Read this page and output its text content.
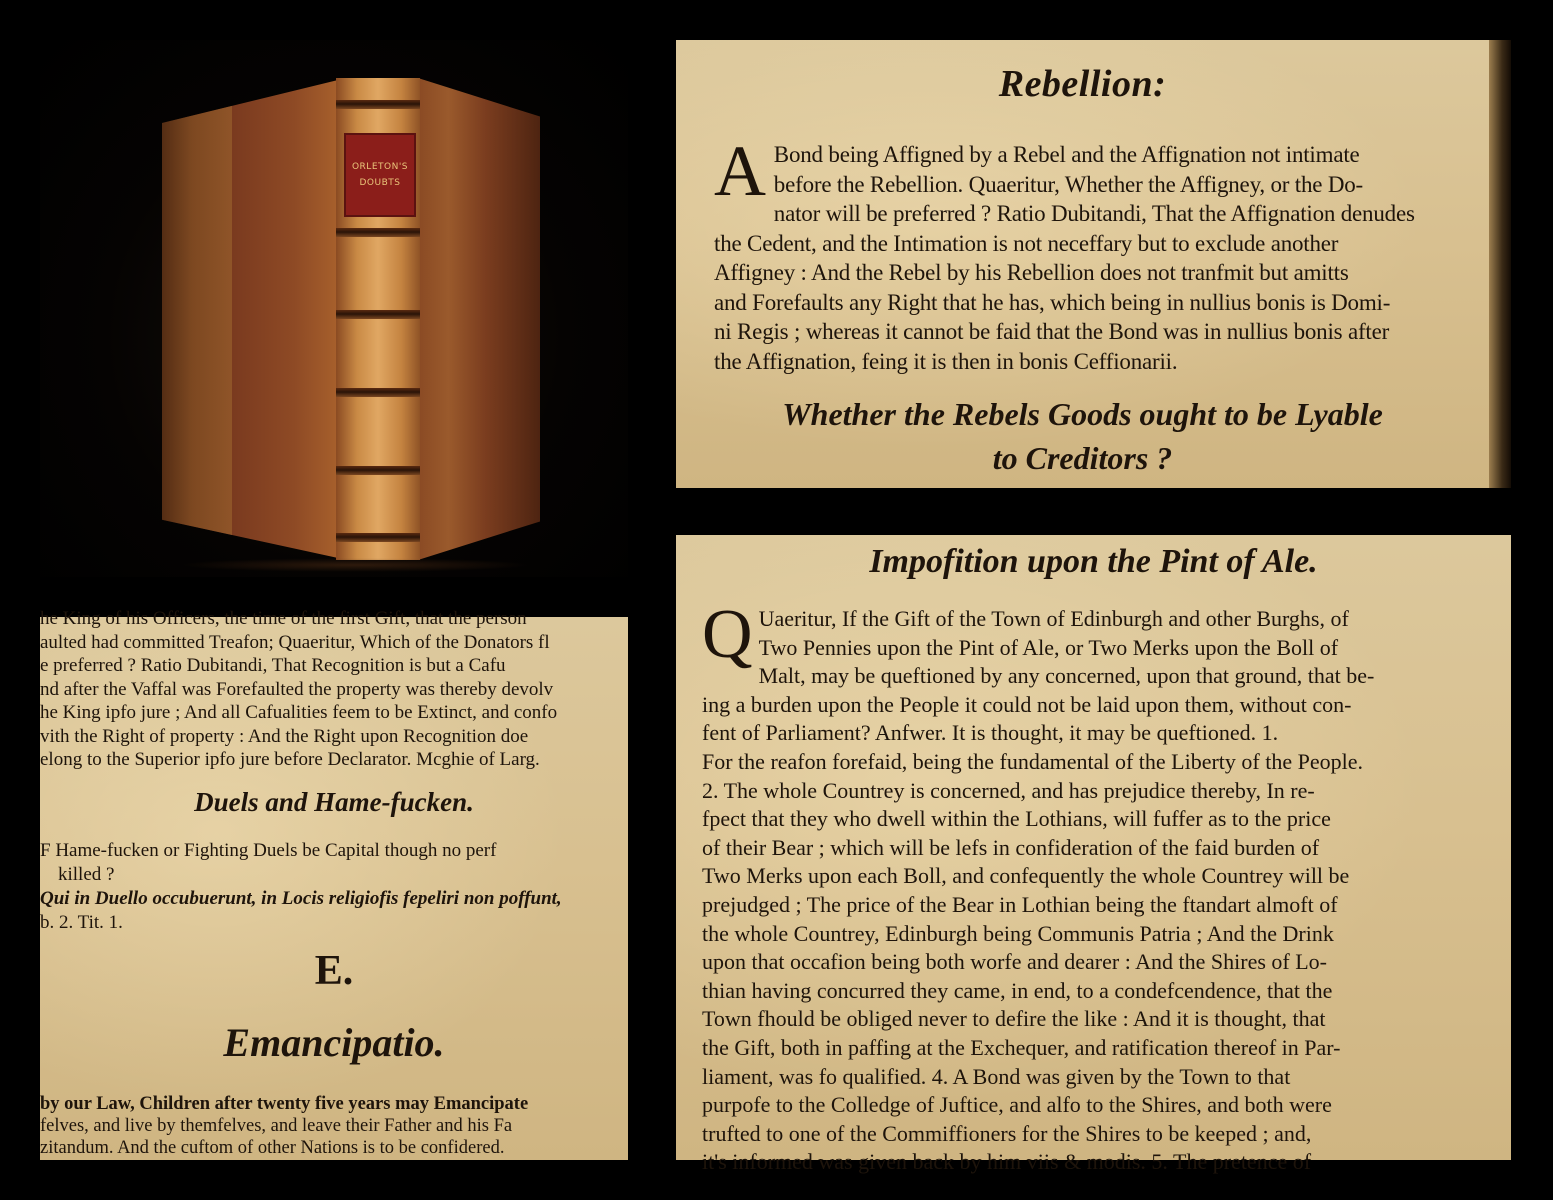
ORLETON'S
DOUBTS
Rebellion:
A Bond being Affigned by a Rebel and the Affignation not intimate
before the Rebellion. Quaeritur, Whether the Affigney, or the Do-
nator will be preferred ? Ratio Dubitandi, That the Affignation denudes
the Cedent, and the Intimation is not neceffary but to exclude another
Affigney : And the Rebel by his Rebellion does not tranfmit but amitts
and Forefaults any Right that he has, which being in nullius bonis is Domi-
ni Regis ; whereas it cannot be faid that the Bond was in nullius bonis after
the Affignation, feing it is then in bonis Ceffionarii.
Whether the Rebels Goods ought to be Lyable
to Creditors ?
he King of his Officers, the time of the first Gift, that the person
aulted had committed Treafon; Quaeritur, Which of the Donators fl
e preferred ? Ratio Dubitandi, That Recognition is but a Cafu
nd after the Vaffal was Forefaulted the property was thereby devolv
he King ipfo jure ; And all Cafualities feem to be Extinct, and confo
vith the Right of property : And the Right upon Recognition doe
elong to the Superior ipfo jure before Declarator. Mcghie of Larg.
Duels and Hame-fucken.
F Hame-fucken or Fighting Duels be Capital though no perf
killed ?
Qui in Duello occubuerunt, in Locis religiofis fepeliri non poffunt,
b. 2. Tit. 1.
E.
Emancipatio.
by our Law, Children after twenty five years may Emancipate
felves, and live by themfelves, and leave their Father and his Fa
zitandum. And the cuftom of other Nations is to be confidered.
Impofition upon the Pint of Ale.
Q Uaeritur, If the Gift of the Town of Edinburgh and other Burghs, of
Two Pennies upon the Pint of Ale, or Two Merks upon the Boll of
Malt, may be queftioned by any concerned, upon that ground, that be-
ing a burden upon the People it could not be laid upon them, without con-
fent of Parliament? Anfwer. It is thought, it may be queftioned. 1.
For the reafon forefaid, being the fundamental of the Liberty of the People.
2. The whole Countrey is concerned, and has prejudice thereby, In re-
fpect that they who dwell within the Lothians, will fuffer as to the price
of their Bear ; which will be lefs in confideration of the faid burden of
Two Merks upon each Boll, and confequently the whole Countrey will be
prejudged ; The price of the Bear in Lothian being the ftandart almoft of
the whole Countrey, Edinburgh being Communis Patria ; And the Drink
upon that occafion being both worfe and dearer : And the Shires of Lo-
thian having concurred they came, in end, to a condefcendence, that the
Town fhould be obliged never to defire the like : And it is thought, that
the Gift, both in paffing at the Exchequer, and ratification thereof in Par-
liament, was fo qualified. 4. A Bond was given by the Town to that
purpofe to the Colledge of Juftice, and alfo to the Shires, and both were
trufted to one of the Commiffioners for the Shires to be keeped ; and,
it's informed was given back by him viis & modis. 5. The pretence of
